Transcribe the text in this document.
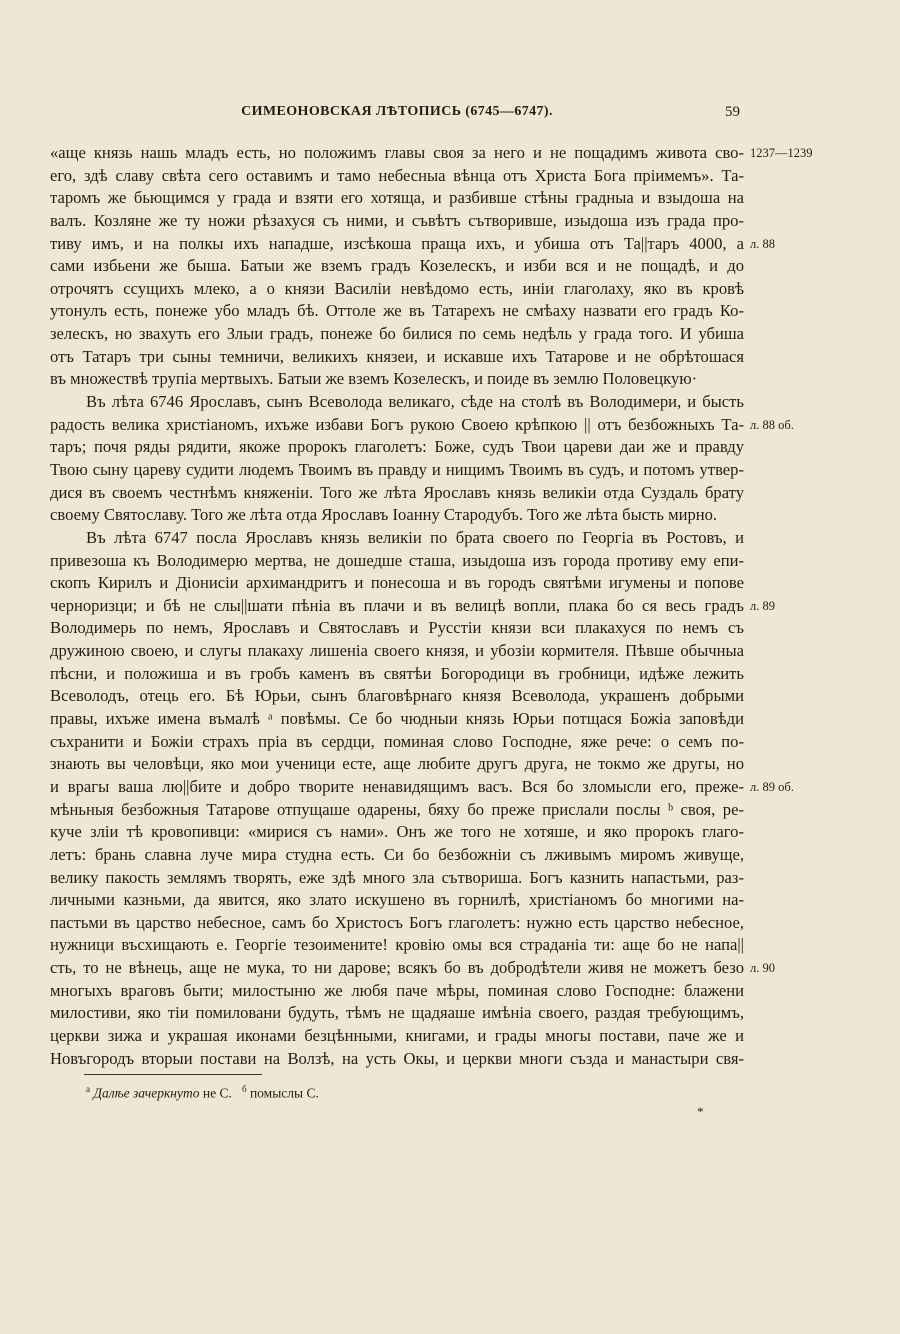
СИМЕОНОВСКАЯ ЛѢТОПИСЬ (6745—6747).	59
«аще князь нашь младъ есть, но положимъ главы своя за него и не пощадимъ живота сво- 1237—1239
его, здѣ славу свѣта сего оставимъ и тамо небесныа вѣнца отъ Христа Бога пріимемъ». Та-
таромъ же бьющимся у града и взяти его хотяща, и разбивше стѣны градныа и взыдоша на
валъ. Козляне же ту ножи рѣзахуся съ ними, и съвѣтъ сътворивше, изыдоша изъ града про-
тиву имъ, и на полкы ихъ нападше, изсѣкоша праща ихъ, и убиша отъ Та||таръ 4000, а л. 88
сами избьени же быша. Батыи же вземъ градъ Козелескъ, и изби вся и не пощадѣ, и до
отрочятъ ссущихъ млеко, а о князи Василіи невѣдомо есть, иніи глаголаху, яко въ кровѣ
утонулъ есть, понеже убо младъ бѣ. Оттоле же въ Татарехъ не смѣаху назвати его градъ Ко-
зелескъ, но звахуть его Злыи градъ, понеже бо билися по семь недѣль у града того. И убиша
отъ Татаръ три сыны темничи, великихъ князеи, и искавше ихъ Татарове и не обрѣтошася
въ множествѣ трупіа мертвыхъ. Батыи же вземъ Козелескъ, и поиде въ землю Половецкую·
Въ лѣта 6746 Ярославъ, сынъ Всеволода великаго, сѣде на столѣ въ Володимери, и бысть
радость велика христіаномъ, ихъже избави Богъ рукою Своею крѣпкою || отъ безбожныхъ Та- л. 88 об.
таръ; почя ряды рядити, якоже пророкъ глаголетъ: Боже, судъ Твои цареви даи же и правду
Твою сыну цареву судити людемъ Твоимъ въ правду и нищимъ Твоимъ въ судъ, и потомъ утвер-
дися въ своемъ честнѣмъ княженіи. Того же лѣта Ярославъ князь великіи отда Суздаль брату
своему Святославу. Того же лѣта отда Ярославъ Іоанну Стародубъ. Того же лѣта бысть мирно.
Въ лѣта 6747 посла Ярославъ князь великіи по брата своего по Георгіа въ Ростовъ, и
привезоша къ Володимерю мертва, не дошедше сташа, изыдоша изъ города противу ему епи-
скопъ Кирилъ и Діонисіи архимандритъ и понесоша и въ городъ святѣми игумены и попове
черноризци; и бѣ не слы||шати пѣніа въ плачи и въ велицѣ вопли, плака бо ся весь градъ л. 89
Володимерь по немъ, Ярославъ и Святославъ и Русстіи князи вси плакахуся по немъ съ
дружиною своею, и слугы плакаху лишеніа своего князя, и убозіи кормителя. Пѣвше обычныа
пѣсни, и положиша и въ гробъ каменъ въ святѣи Богородици въ гробници, идѣже лежить
Всеволодъ, отець его. Бѣ Юрьи, сынъ благовѣрнаго князя Всеволода, украшенъ добрыми
правы, ихъже имена въмалѣ ᵃ повѣмы. Се бо чюдныи князь Юрьи потщася Божіа заповѣди
съхранити и Божіи страхъ пріа въ сердци, поминая слово Господне, яже рече: о семъ по-
знають вы человѣци, яко мои ученици есте, аще любите другъ друга, не токмо же другы, но
и врагы ваша лю||бите и добро творите ненавидящимъ васъ. Вся бо зломысли его, преже- л. 89 об.
мѣньныя безбожныя Татарове отпущаше одарены, бяху бо преже прислали послы ᵇ своя, ре-
куче зліи тѣ кровопивци: «мирися съ нами». Онъ же того не хотяше, и яко пророкъ глаго-
летъ: брань славна луче мира студна есть. Си бо безбожніи съ лживымъ миромъ живуще,
велику пакость землямъ творять, еже здѣ много зла сътвориша. Богъ казнить напастьми, раз-
личными казньми, да явится, яко злато искушено въ горнилѣ, христіаномъ бо многими на-
пастьми въ царство небесное, самъ бо Христосъ Богъ глаголетъ: нужно есть царство небесное,
нужници въсхищають е. Георгіе тезоимените! кровію омы вся страданіа ти: аще бо не напа||
сть, то не вѣнець, аще не мука, то ни дарове; всякъ бо въ добродѣтели живя не можетъ безо л. 90
многыхъ враговъ быти; милостыню же любя паче мѣры, поминая слово Господне: блажени
милостиви, яко тіи помиловани будуть, тѣмъ не щадяаше имѣніа своего, раздая требующимъ,
церкви зижа и украшая иконами безцѣнными, книгами, и грады многы постави, паче же и
Новъгородъ вторыи постави на Волзѣ, на усть Окы, и церкви многи създа и манастыри свя-
$^а$ Далѣе зачеркнуто не С. $^б$ помыслы С.
*
